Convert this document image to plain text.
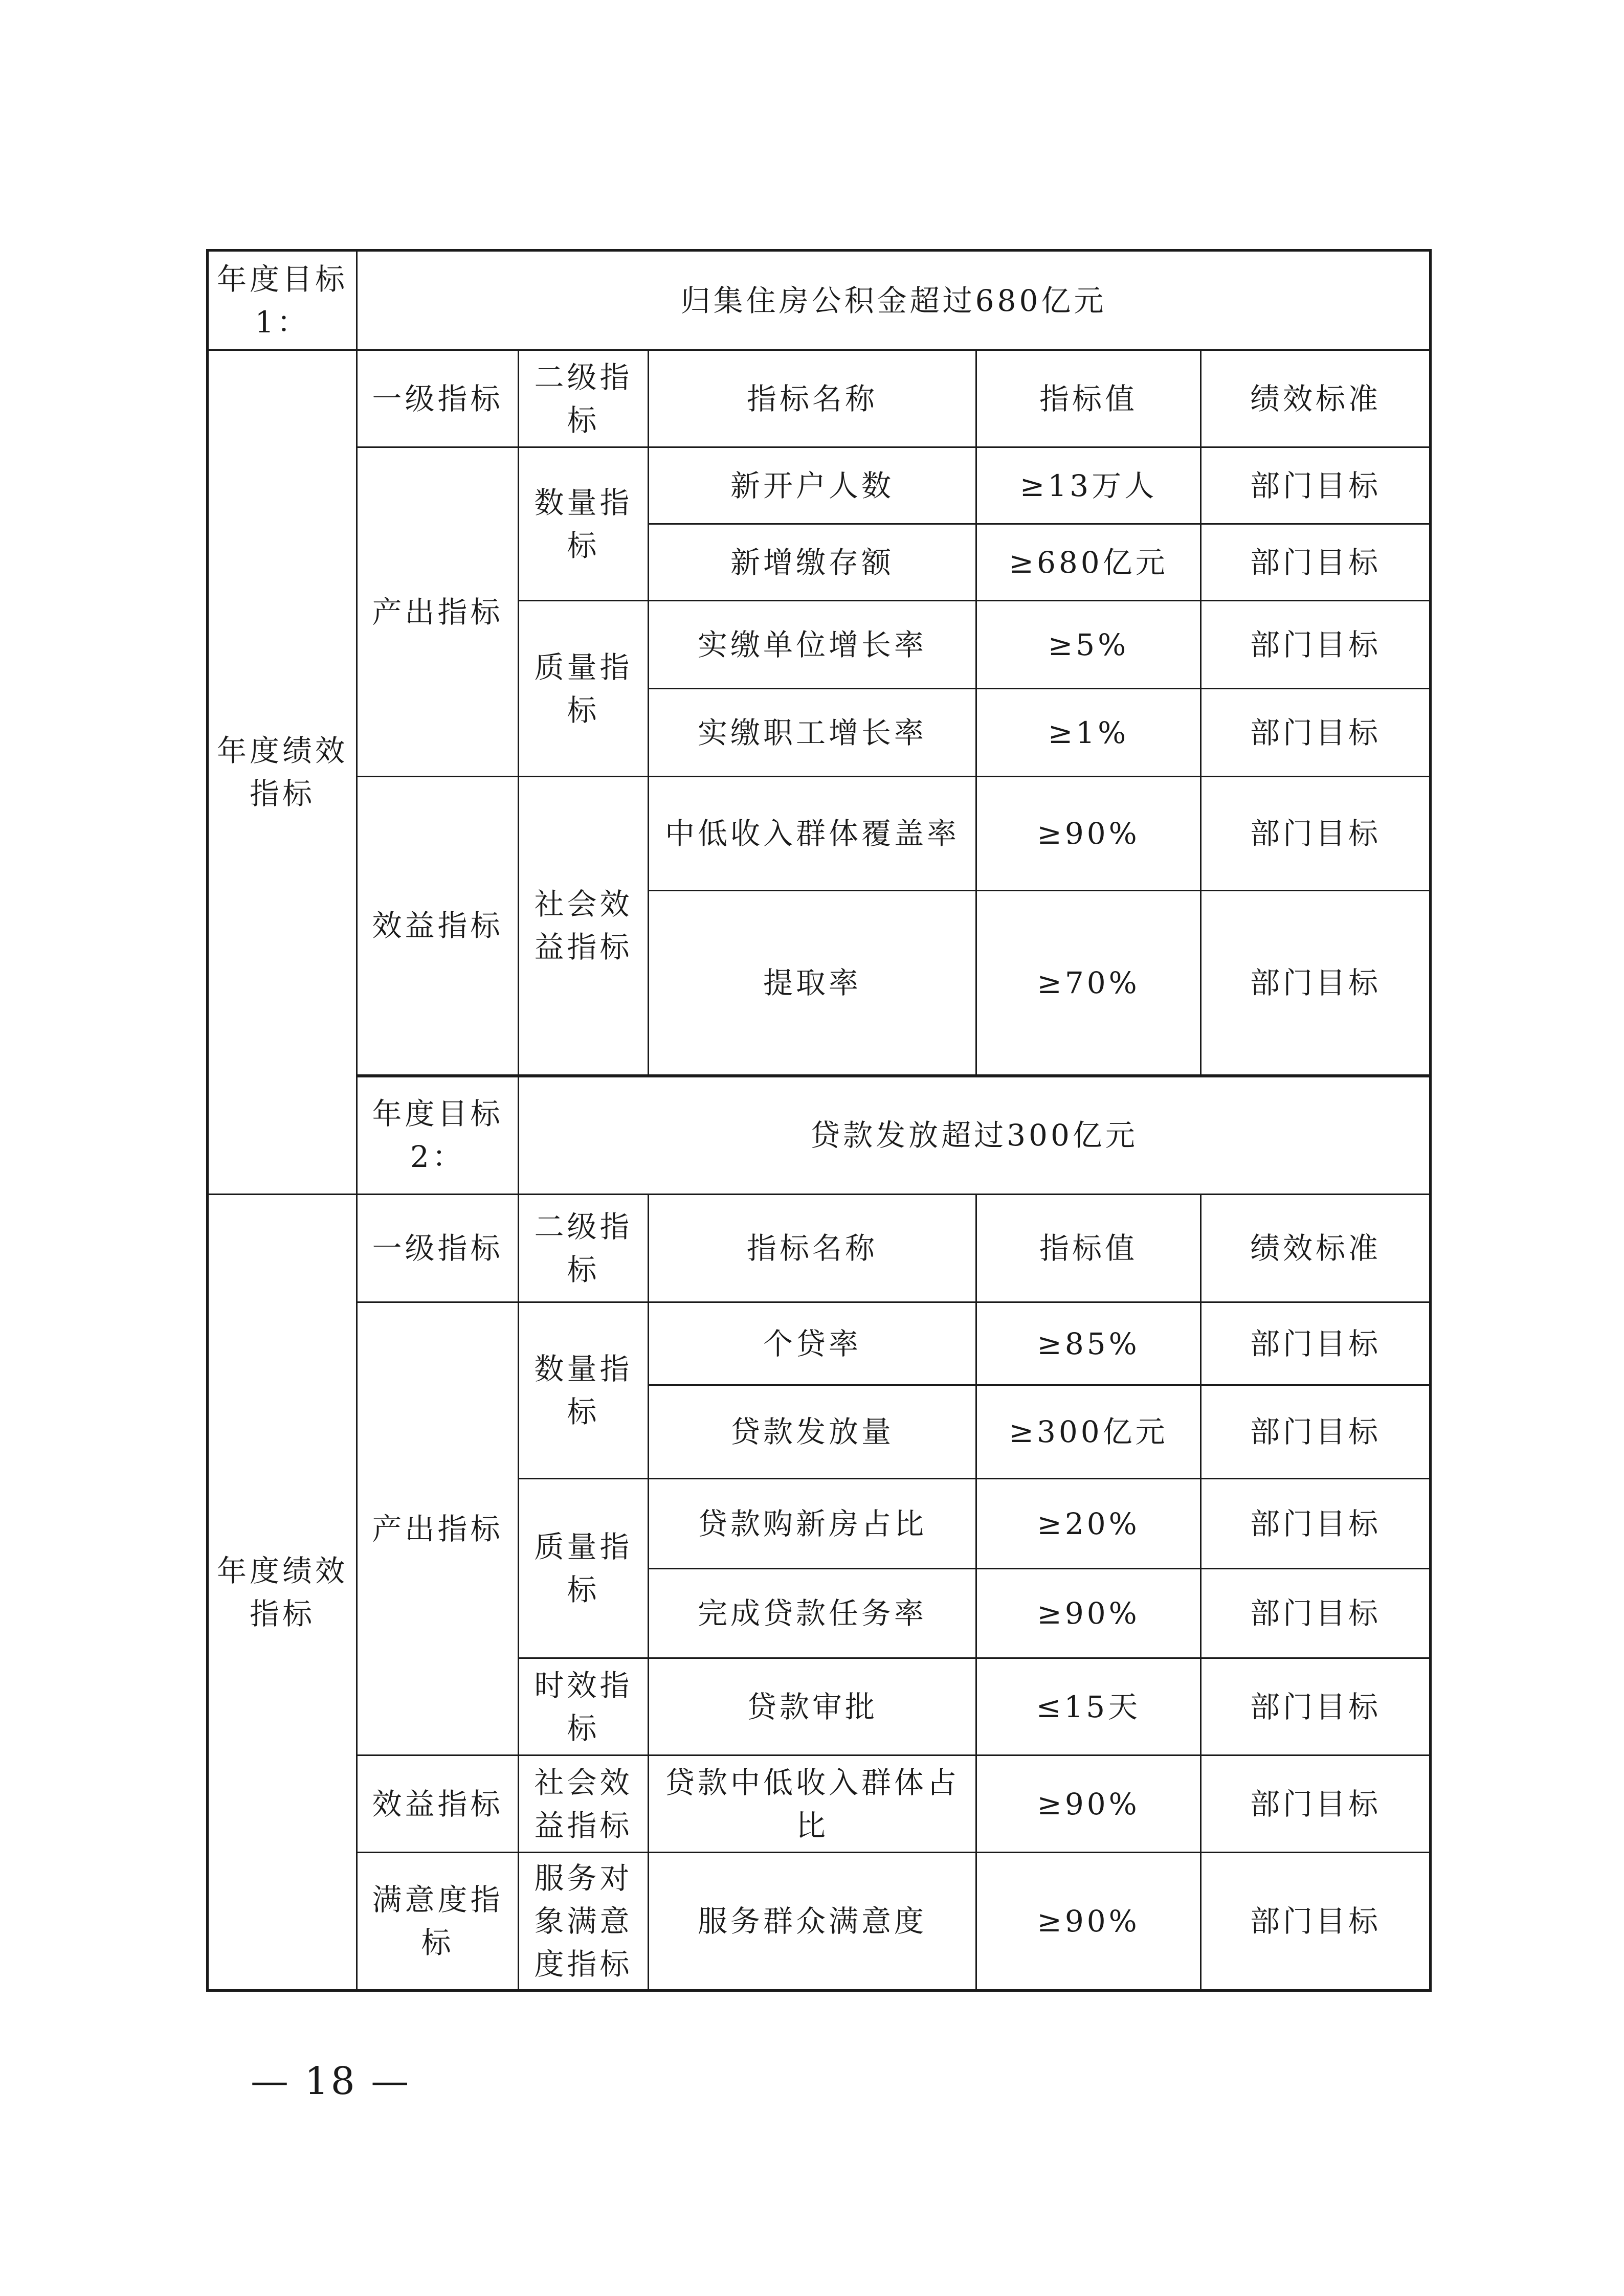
年度目标1：	归集住房公积金超过680亿元				
年度绩效指标	一级指标	二级指标	指标名称	指标值	绩效标准
	产出指标	数量指标	新开户人数	≥13万人	部门目标
			新增缴存额	≥680亿元	部门目标
		质量指标	实缴单位增长率	≥5%	部门目标
			实缴职工增长率	≥1%	部门目标
	效益指标	社会效益指标	中低收入群体覆盖率	≥90%	部门目标
			提取率	≥70%	部门目标
	年度目标2：	贷款发放超过300亿元			
年度绩效指标	一级指标	二级指标	指标名称	指标值	绩效标准
	产出指标	数量指标	个贷率	≥85%	部门目标
			贷款发放量	≥300亿元	部门目标
		质量指标	贷款购新房占比	≥20%	部门目标
			完成贷款任务率	≥90%	部门目标
		时效指标	贷款审批	≤15天	部门目标
	效益指标	社会效益指标	贷款中低收入群体占比	≥90%	部门目标
	满意度指标	服务对象满意度指标	服务群众满意度	≥90%	部门目标
— 18 —
